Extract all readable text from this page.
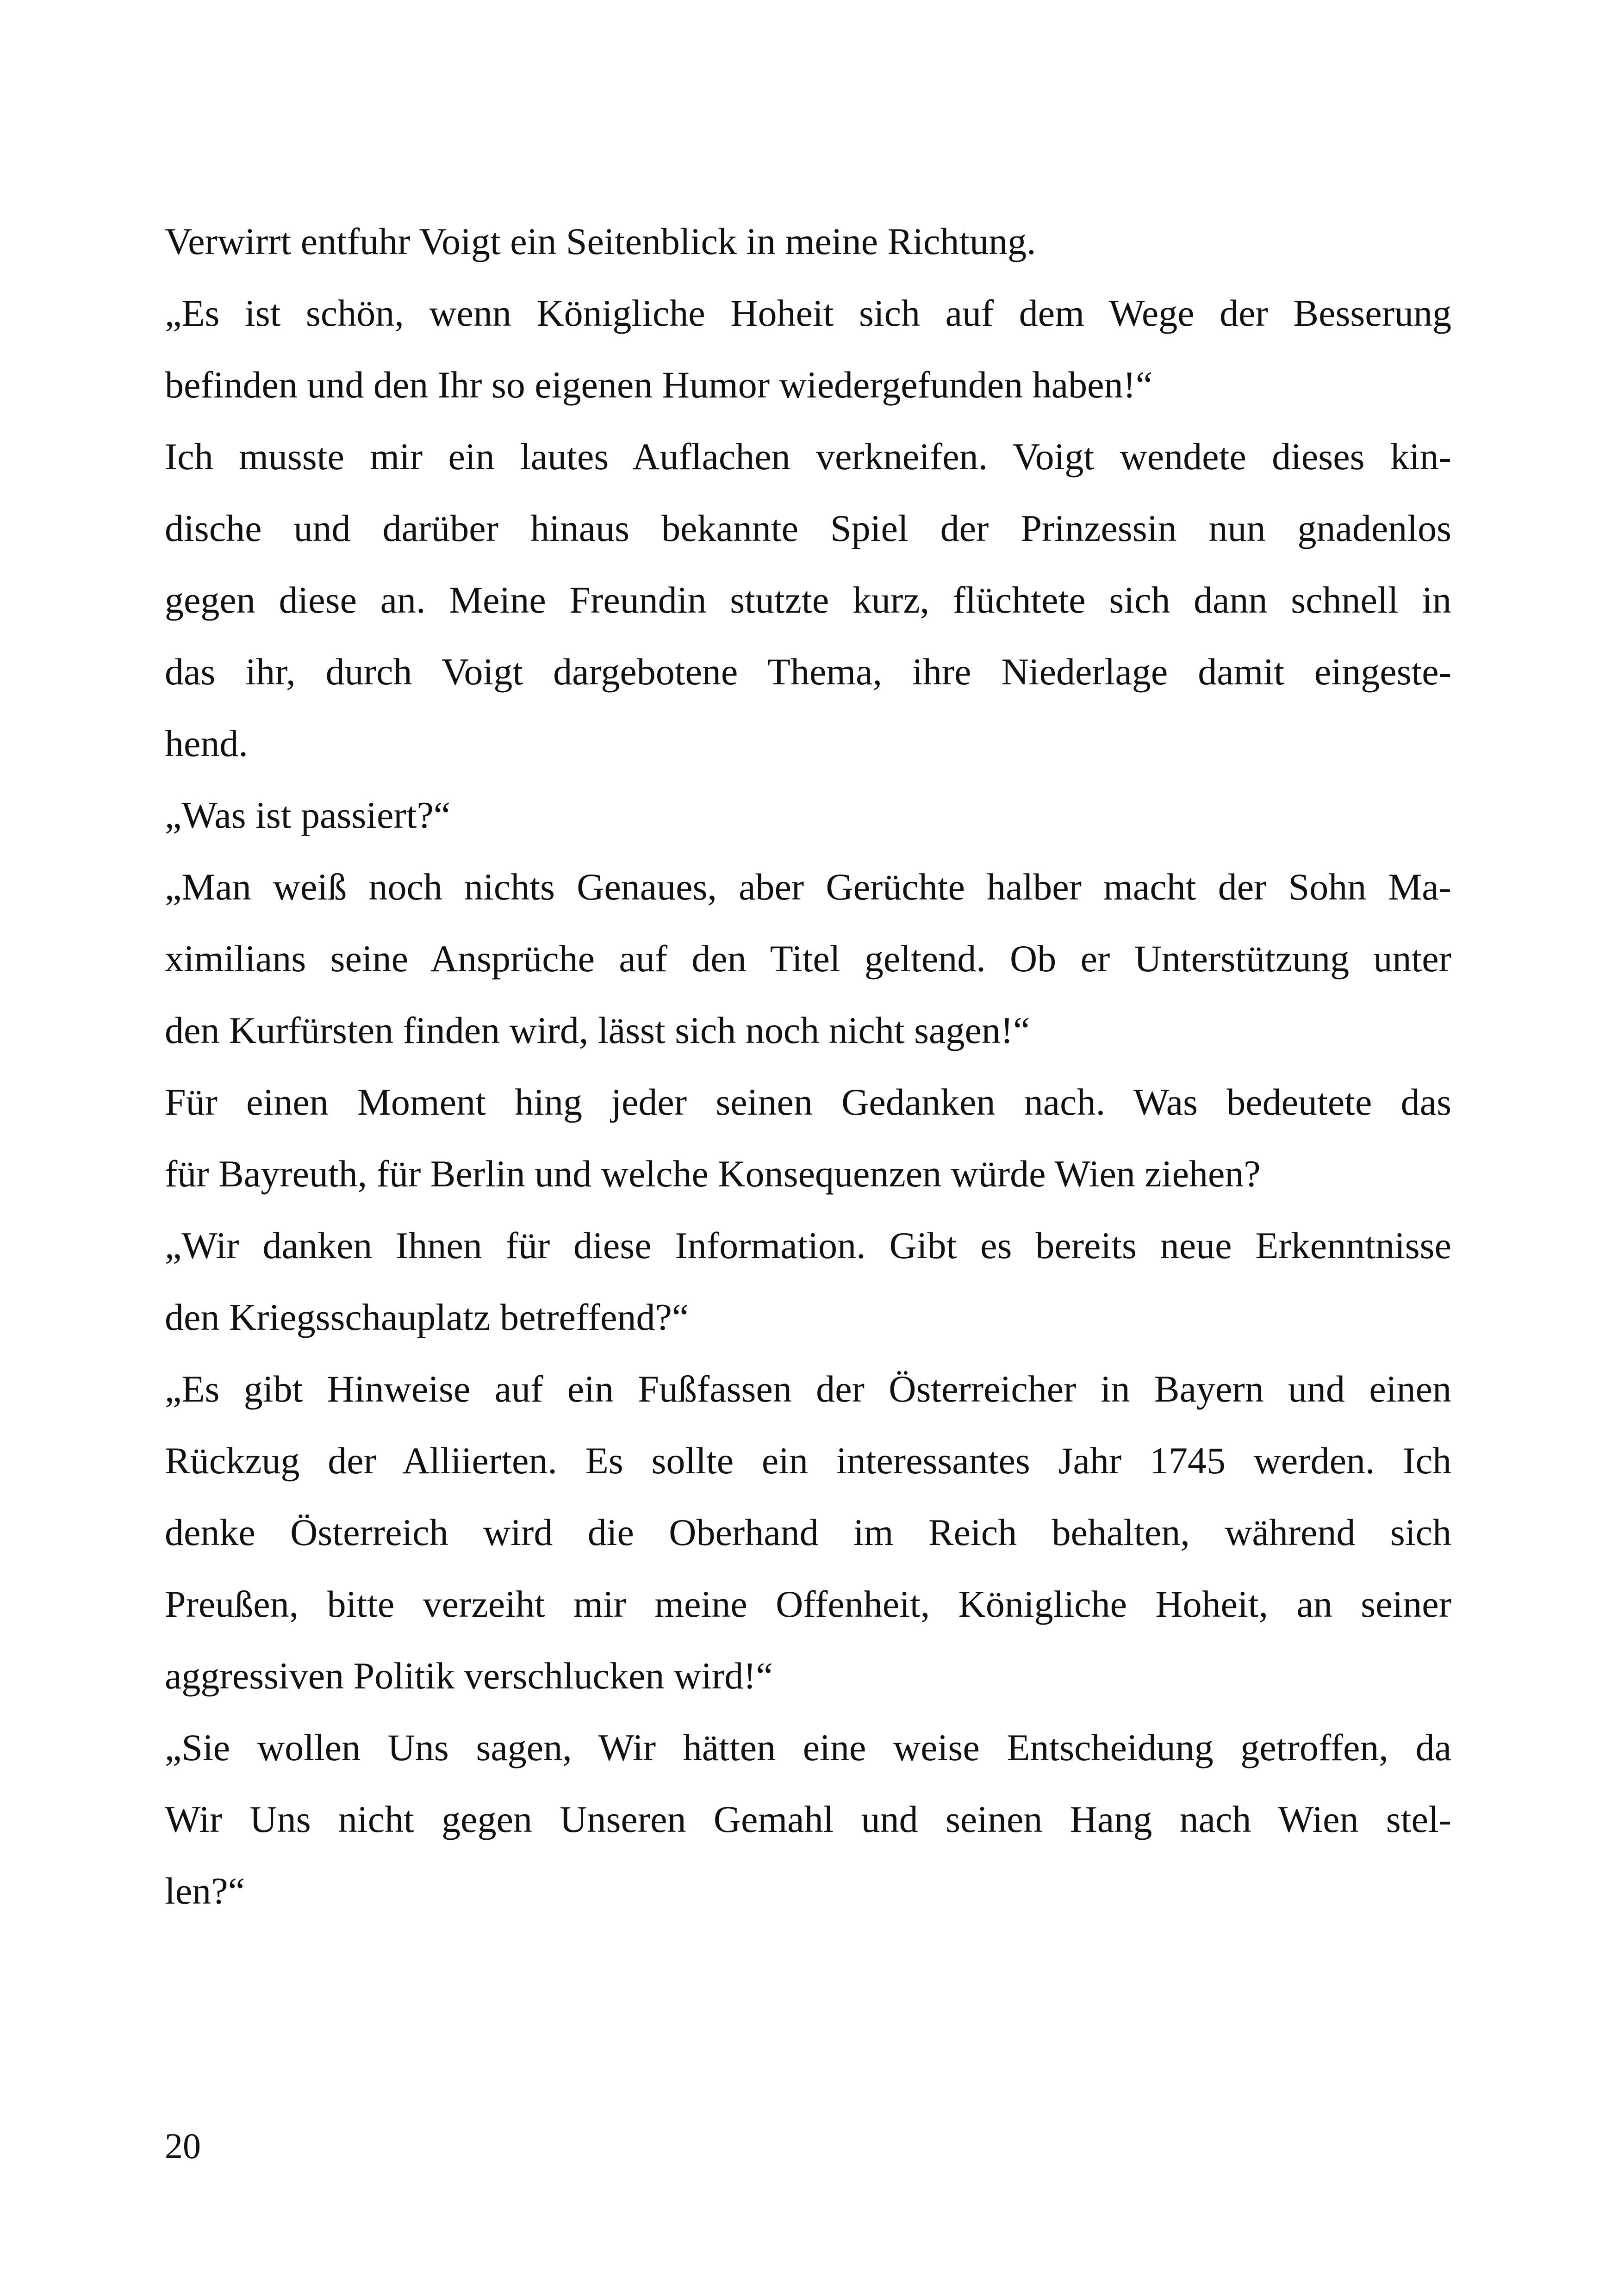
Verwirrt entfuhr Voigt ein Seitenblick in meine Richtung.
„Es ist schön, wenn Königliche Hoheit sich auf dem Wege der Besserung
befinden und den Ihr so eigenen Humor wiedergefunden haben!“
Ich musste mir ein lautes Auflachen verkneifen. Voigt wendete dieses kin-
dische und darüber hinaus bekannte Spiel der Prinzessin nun gnadenlos
gegen diese an. Meine Freundin stutzte kurz, flüchtete sich dann schnell in
das ihr, durch Voigt dargebotene Thema, ihre Niederlage damit eingeste-
hend.
„Was ist passiert?“
„Man weiß noch nichts Genaues, aber Gerüchte halber macht der Sohn Ma-
ximilians seine Ansprüche auf den Titel geltend. Ob er Unterstützung unter
den Kurfürsten finden wird, lässt sich noch nicht sagen!“
Für einen Moment hing jeder seinen Gedanken nach. Was bedeutete das
für Bayreuth, für Berlin und welche Konsequenzen würde Wien ziehen?
„Wir danken Ihnen für diese Information. Gibt es bereits neue Erkenntnisse
den Kriegsschauplatz betreffend?“
„Es gibt Hinweise auf ein Fußfassen der Österreicher in Bayern und einen
Rückzug der Alliierten. Es sollte ein interessantes Jahr 1745 werden. Ich
denke Österreich wird die Oberhand im Reich behalten, während sich
Preußen, bitte verzeiht mir meine Offenheit, Königliche Hoheit, an seiner
aggressiven Politik verschlucken wird!“
„Sie wollen Uns sagen, Wir hätten eine weise Entscheidung getroffen, da
Wir Uns nicht gegen Unseren Gemahl und seinen Hang nach Wien stel-
len?“
20
